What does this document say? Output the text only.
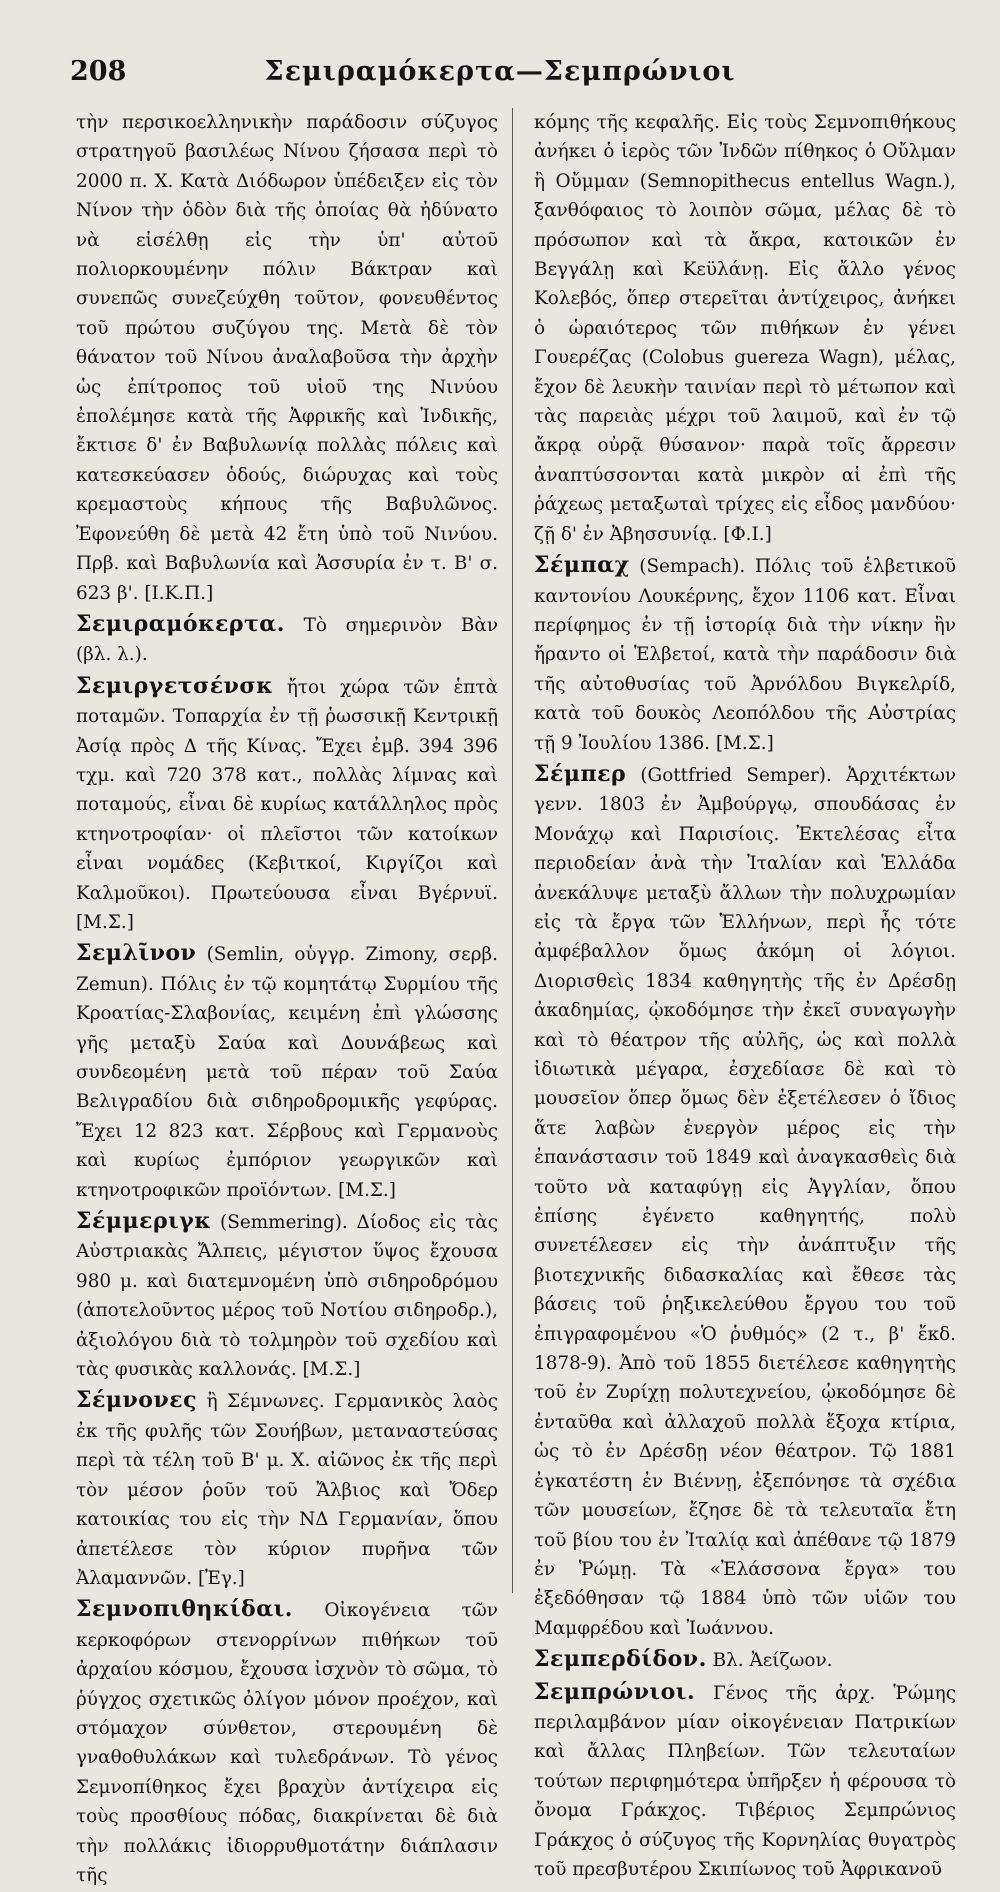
208	Σεμιραμόκερτα—Σεμπρώνιοι

τὴν περσικοελληνικὴν παράδοσιν σύζυγος στρατηγοῦ βασιλέως Νίνου ζήσασα περὶ τὸ 2000 π. Χ. Κατὰ Διόδωρον ὑπέδειξεν εἰς τὸν Νίνον τὴν ὁδὸν διὰ τῆς ὁποίας θὰ ἠδύνατο νὰ εἰσέλθῃ εἰς τὴν ὑπ' αὐτοῦ πολιορκουμένην πόλιν Βάκτραν καὶ συνεπῶς συνεζεύχθη τοῦτον, φονευθέντος τοῦ πρώτου συζύγου της. Μετὰ δὲ τὸν θάνατον τοῦ Νίνου ἀναλαβοῦσα τὴν ἀρχὴν ὡς ἐπίτροπος τοῦ υἱοῦ της Νινύου ἐπολέμησε κατὰ τῆς Ἀφρικῆς καὶ Ἰνδικῆς, ἔκτισε δ' ἐν Βαβυλωνίᾳ πολλὰς πόλεις καὶ κατεσκεύασεν ὁδούς, διώρυχας καὶ τοὺς κρεμαστοὺς κήπους τῆς Βαβυλῶνος. Ἐφονεύθη δὲ μετὰ 42 ἔτη ὑπὸ τοῦ Νινύου. Πρβ. καὶ Βαβυλωνία καὶ Ἀσσυρία ἐν τ. Β' σ. 623 β'. [Ι.Κ.Π.]

Σεμιραμόκερτα. Τὸ σημερινὸν Βὰν (βλ. λ.).

Σεμιργετσένσκ ἤτοι χώρα τῶν ἑπτὰ ποταμῶν. Τοπαρχία ἐν τῇ ῥωσσικῇ Κεντρικῇ Ἀσίᾳ πρὸς Δ τῆς Κίνας. Ἔχει ἐμβ. 394 396 τχμ. καὶ 720 378 κατ., πολλὰς λίμνας καὶ ποταμούς, εἶναι δὲ κυρίως κατάλληλος πρὸς κτηνοτροφίαν· οἱ πλεῖστοι τῶν κατοίκων εἶναι νομάδες (Κεβιτκοί, Κιργίζοι καὶ Καλμοῦκοι). Πρωτεύουσα εἶναι Βγέρνυϊ. [Μ.Σ.]

Σεμλῖνον (Semlin, οὑγγρ. Zimony, σερβ. Zemun). Πόλις ἐν τῷ κομητάτῳ Συρμίου τῆς Κροατίας-Σλαβονίας, κειμένη ἐπὶ γλώσσης γῆς μεταξὺ Σαύα καὶ Δουνάβεως καὶ συνδεομένη μετὰ τοῦ πέραν τοῦ Σαύα Βελιγραδίου διὰ σιδηροδρομικῆς γεφύρας. Ἔχει 12 823 κατ. Σέρβους καὶ Γερμανοὺς καὶ κυρίως ἐμπόριον γεωργικῶν καὶ κτηνοτροφικῶν προϊόντων. [Μ.Σ.]

Σέμμεριγκ (Semmering). Δίοδος εἰς τὰς Αὐστριακὰς Ἄλπεις, μέγιστον ὕψος ἔχουσα 980 μ. καὶ διατεμνομένη ὑπὸ σιδηροδρόμου (ἀποτελοῦντος μέρος τοῦ Νοτίου σιδηροδρ.), ἀξιολόγου διὰ τὸ τολμηρὸν τοῦ σχεδίου καὶ τὰς φυσικὰς καλλονάς. [Μ.Σ.]

Σέμνονες ἢ Σέμνωνες. Γερμανικὸς λαὸς ἐκ τῆς φυλῆς τῶν Σουήβων, μεταναστεύσας περὶ τὰ τέλη τοῦ Β' μ. Χ. αἰῶνος ἐκ τῆς περὶ τὸν μέσον ῥοῦν τοῦ Ἄλβιος καὶ Ὄδερ κατοικίας του εἰς τὴν ΝΔ Γερμανίαν, ὅπου ἀπετέλεσε τὸν κύριον πυρῆνα τῶν Ἀλαμαννῶν. [Ἐγ.]

Σεμνοπιθηκίδαι. Οἰκογένεια τῶν κερκοφόρων στενορρίνων πιθήκων τοῦ ἀρχαίου κόσμου, ἔχουσα ἰσχνὸν τὸ σῶμα, τὸ ῥύγχος σχετικῶς ὀλίγον μόνον προέχον, καὶ στόμαχον σύνθετον, στερουμένη δὲ γναθοθυλάκων καὶ τυλεδράνων. Τὸ γένος Σεμνοπίθηκος ἔχει βραχὺν ἀντίχειρα εἰς τοὺς προσθίους πόδας, διακρίνεται δὲ διὰ τὴν πολλάκις ἰδιορρυθμοτάτην διάπλασιν τῆς

κόμης τῆς κεφαλῆς. Εἰς τοὺς Σεμνοπιθήκους ἀνήκει ὁ ἱερὸς τῶν Ἰνδῶν πίθηκος ὁ Οὔλμαν ἢ Οὔμμαν (Semnopithecus entellus Wagn.), ξανθόφαιος τὸ λοιπὸν σῶμα, μέλας δὲ τὸ πρόσωπον καὶ τὰ ἄκρα, κατοικῶν ἐν Βεγγάλῃ καὶ Κεϋλάνῃ. Εἰς ἄλλο γένος Κολεβός, ὅπερ στερεῖται ἀντίχειρος, ἀνήκει ὁ ὡραιότερος τῶν πιθήκων ἐν γένει Γουερέζας (Colobus guereza Wagn), μέλας, ἔχον δὲ λευκὴν ταινίαν περὶ τὸ μέτωπον καὶ τὰς παρειὰς μέχρι τοῦ λαιμοῦ, καὶ ἐν τῷ ἄκρᾳ οὐρᾷ θύσανον· παρὰ τοῖς ἄρρεσιν ἀναπτύσσονται κατὰ μικρὸν αἱ ἐπὶ τῆς ῥάχεως μεταξωταὶ τρίχες εἰς εἶδος μανδύου· ζῇ δ' ἐν Ἀβησσυνίᾳ. [Φ.Ι.]

Σέμπαχ (Sempach). Πόλις τοῦ ἑλβετικοῦ καντονίου Λουκέρνης, ἔχον 1106 κατ. Εἶναι περίφημος ἐν τῇ ἱστορίᾳ διὰ τὴν νίκην ἣν ἤραντο οἱ Ἑλβετοί, κατὰ τὴν παράδοσιν διὰ τῆς αὐτοθυσίας τοῦ Ἀρνόλδου Βιγκελρίδ, κατὰ τοῦ δουκὸς Λεοπόλδου τῆς Αὐστρίας τῇ 9 Ἰουλίου 1386. [Μ.Σ.]

Σέμπερ (Gottfried Semper). Ἀρχιτέκτων γενν. 1803 ἐν Ἀμβούργῳ, σπουδάσας ἐν Μονάχῳ καὶ Παρισίοις. Ἐκτελέσας εἶτα περιοδείαν ἀνὰ τὴν Ἰταλίαν καὶ Ἑλλάδα ἀνεκάλυψε μεταξὺ ἄλλων τὴν πολυχρωμίαν εἰς τὰ ἔργα τῶν Ἑλλήνων, περὶ ἧς τότε ἀμφέβαλλον ὅμως ἀκόμη οἱ λόγιοι. Διορισθεὶς 1834 καθηγητὴς τῆς ἐν Δρέσδῃ ἀκαδημίας, ᾠκοδόμησε τὴν ἐκεῖ συναγωγὴν καὶ τὸ θέατρον τῆς αὐλῆς, ὡς καὶ πολλὰ ἰδιωτικὰ μέγαρα, ἐσχεδίασε δὲ καὶ τὸ μουσεῖον ὅπερ ὅμως δὲν ἐξετέλεσεν ὁ ἴδιος ἅτε λαβὼν ἐνεργὸν μέρος εἰς τὴν ἐπανάστασιν τοῦ 1849 καὶ ἀναγκασθεὶς διὰ τοῦτο νὰ καταφύγῃ εἰς Ἀγγλίαν, ὅπου ἐπίσης ἐγένετο καθηγητής, πολὺ συνετέλεσεν εἰς τὴν ἀνάπτυξιν τῆς βιοτεχνικῆς διδασκαλίας καὶ ἔθεσε τὰς βάσεις τοῦ ῥηξικελεύθου ἔργου του τοῦ ἐπιγραφομένου «Ὁ ῥυθμός» (2 τ., β' ἔκδ. 1878-9). Ἀπὸ τοῦ 1855 διετέλεσε καθηγητὴς τοῦ ἐν Ζυρίχῃ πολυτεχνείου, ᾠκοδόμησε δὲ ἐνταῦθα καὶ ἀλλαχοῦ πολλὰ ἔξοχα κτίρια, ὡς τὸ ἐν Δρέσδῃ νέον θέατρον. Τῷ 1881 ἐγκατέστη ἐν Βιέννῃ, ἐξεπόνησε τὰ σχέδια τῶν μουσείων, ἔζησε δὲ τὰ τελευταῖα ἔτη τοῦ βίου του ἐν Ἰταλίᾳ καὶ ἀπέθανε τῷ 1879 ἐν Ῥώμῃ. Τὰ «Ἐλάσσονα ἔργα» του ἐξεδόθησαν τῷ 1884 ὑπὸ τῶν υἱῶν του Μαμφρέδου καὶ Ἰωάννου.

Σεμπερδίδον. Βλ. Ἀείζωον.

Σεμπρώνιοι. Γένος τῆς ἀρχ. Ῥώμης περιλαμβάνον μίαν οἰκογένειαν Πατρικίων καὶ ἄλλας Πληβείων. Τῶν τελευταίων τούτων περιφημότερα ὑπῆρξεν ἡ φέρουσα τὸ ὄνομα Γράκχος. Τιβέριος Σεμπρώνιος Γράκχος ὁ σύζυγος τῆς Κορνηλίας θυγατρὸς τοῦ πρεσβυτέρου Σκιπίωνος τοῦ Ἀφρικανοῦ
